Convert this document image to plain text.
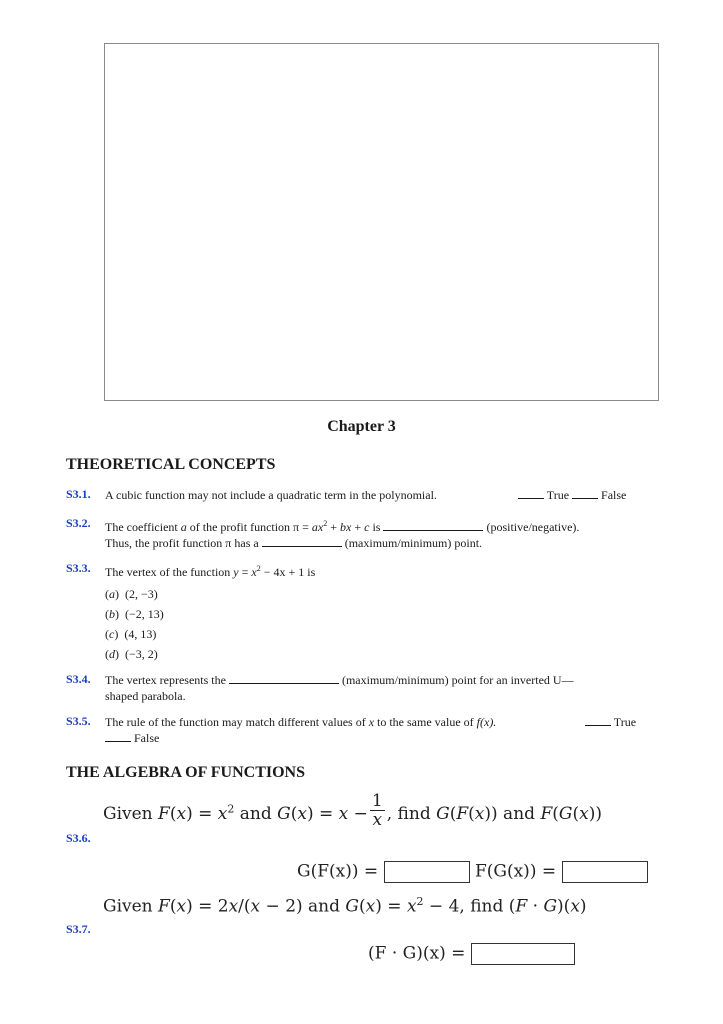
Chapter 3
THEORETICAL CONCEPTS
S3.1. A cubic function may not include a quadratic term in the polynomial.	True	False
S3.2. The coefficient a of the profit function $\pi = ax^2$ + bx + c is	(positive/negative).
Thus, the profit function π has a	(maximum/minimum) point.
S3.3. The vertex of the function $y = x^2 - 4x + 1$ is
(a)  (2, −3)
(b)  (−2, 13)
(c)  (4, 13)
(d)  (−3, 2)
S3.4. The vertex represents the	(maximum/minimum) point for an inverted U—
shaped parabola.
S3.5. The rule of the function may match different values of x to the same value of f(x).	True
False
THE ALGEBRA OF FUNCTIONS
Given $F(x) = x^2$ and $G(x) = x - \frac{1}{x}$ , find G(F(x)) and F(G(x))
S3.6.
G(F(x)) =	F(G(x)) =
Given F(x) = 2x/(x − 2) and $G(x) = x^2 - 4$, find (F · G)(x)
S3.7.
(F · G)(x) =
